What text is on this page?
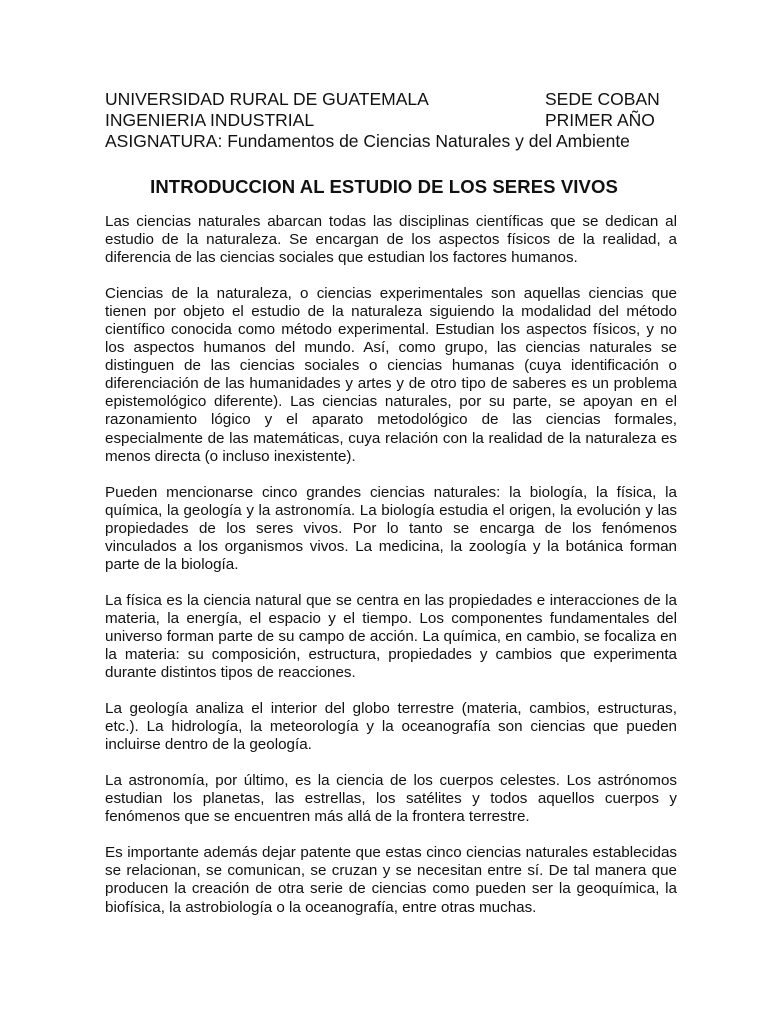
UNIVERSIDAD RURAL DE GUATEMALA	SEDE COBAN
INGENIERIA INDUSTRIAL	PRIMER AÑO
ASIGNATURA: Fundamentos de Ciencias Naturales y del Ambiente
INTRODUCCION AL ESTUDIO DE LOS SERES VIVOS

Las ciencias naturales abarcan todas las disciplinas científicas que se dedican al estudio de la naturaleza. Se encargan de los aspectos físicos de la realidad, a diferencia de las ciencias sociales que estudian los factores humanos.

Ciencias de la naturaleza, o ciencias experimentales son aquellas ciencias que tienen por objeto el estudio de la naturaleza siguiendo la modalidad del método científico conocida como método experimental. Estudian los aspectos físicos, y no los aspectos humanos del mundo. Así, como grupo, las ciencias naturales se distinguen de las ciencias sociales o ciencias humanas (cuya identificación o diferenciación de las humanidades y artes y de otro tipo de saberes es un problema epistemológico diferente). Las ciencias naturales, por su parte, se apoyan en el razonamiento lógico y el aparato metodológico de las ciencias formales, especialmente de las matemáticas, cuya relación con la realidad de la naturaleza es menos directa (o incluso inexistente).

Pueden mencionarse cinco grandes ciencias naturales: la biología, la física, la química, la geología y la astronomía. La biología estudia el origen, la evolución y las propiedades de los seres vivos. Por lo tanto se encarga de los fenómenos vinculados a los organismos vivos. La medicina, la zoología y la botánica forman parte de la biología.

La física es la ciencia natural que se centra en las propiedades e interacciones de la materia, la energía, el espacio y el tiempo. Los componentes fundamentales del universo forman parte de su campo de acción. La química, en cambio, se focaliza en la materia: su composición, estructura, propiedades y cambios que experimenta durante distintos tipos de reacciones.

La geología analiza el interior del globo terrestre (materia, cambios, estructuras, etc.). La hidrología, la meteorología y la oceanografía son ciencias que pueden incluirse dentro de la geología.

La astronomía, por último, es la ciencia de los cuerpos celestes. Los astrónomos estudian los planetas, las estrellas, los satélites y todos aquellos cuerpos y fenómenos que se encuentren más allá de la frontera terrestre.

Es importante además dejar patente que estas cinco ciencias naturales establecidas se relacionan, se comunican, se cruzan y se necesitan entre sí. De tal manera que producen la creación de otra serie de ciencias como pueden ser la geoquímica, la biofísica, la astrobiología o la oceanografía, entre otras muchas.
